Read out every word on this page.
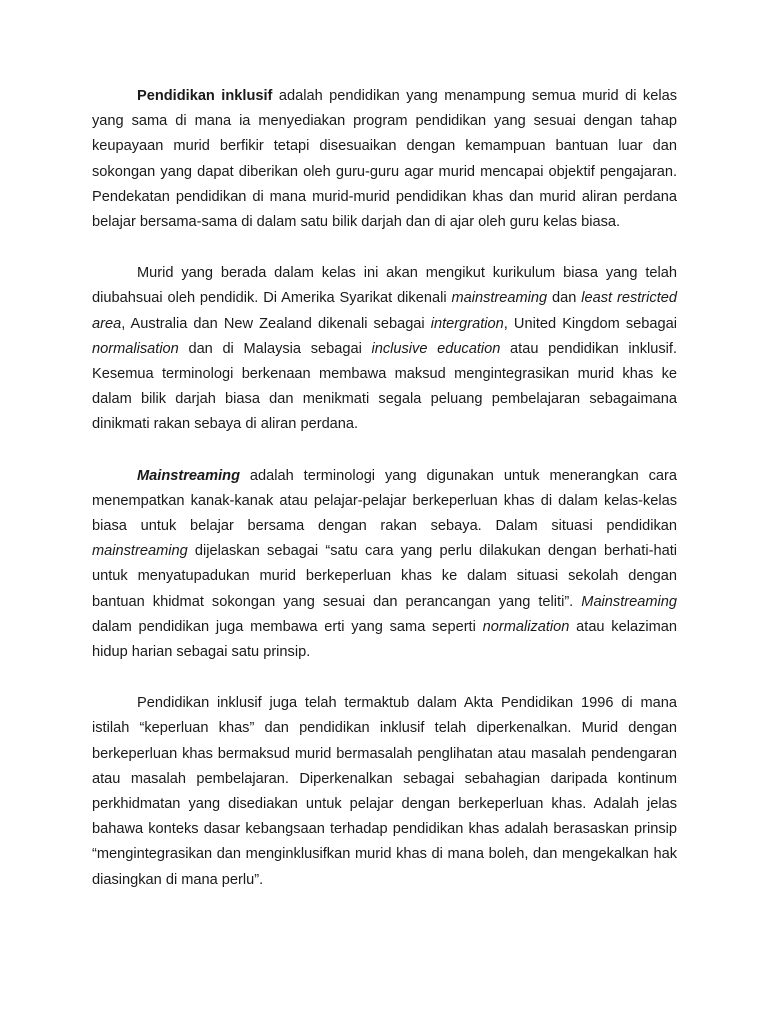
Pendidikan inklusif adalah pendidikan yang menampung semua murid di kelas yang sama di mana ia menyediakan program pendidikan yang sesuai dengan tahap keupayaan murid berfikir tetapi disesuaikan dengan kemampuan bantuan luar dan sokongan yang dapat diberikan oleh guru-guru agar murid mencapai objektif pengajaran. Pendekatan pendidikan di mana murid-murid pendidikan khas dan murid aliran perdana belajar bersama-sama di dalam satu bilik darjah dan di ajar oleh guru kelas biasa.

Murid yang berada dalam kelas ini akan mengikut kurikulum biasa yang telah diubahsuai oleh pendidik. Di Amerika Syarikat dikenali mainstreaming dan least restricted area, Australia dan New Zealand dikenali sebagai intergration, United Kingdom sebagai normalisation dan di Malaysia sebagai inclusive education atau pendidikan inklusif. Kesemua terminologi berkenaan membawa maksud mengintegrasikan murid khas ke dalam bilik darjah biasa dan menikmati segala peluang pembelajaran sebagaimana dinikmati rakan sebaya di aliran perdana.

Mainstreaming adalah terminologi yang digunakan untuk menerangkan cara menempatkan kanak-kanak atau pelajar-pelajar berkeperluan khas di dalam kelas-kelas biasa untuk belajar bersama dengan rakan sebaya. Dalam situasi pendidikan mainstreaming dijelaskan sebagai “satu cara yang perlu dilakukan dengan berhati-hati untuk menyatupadukan murid berkeperluan khas ke dalam situasi sekolah dengan bantuan khidmat sokongan yang sesuai dan perancangan yang teliti”. Mainstreaming dalam pendidikan juga membawa erti yang sama seperti normalization atau kelaziman hidup harian sebagai satu prinsip.

Pendidikan inklusif juga telah termaktub dalam Akta Pendidikan 1996 di mana istilah “keperluan khas” dan pendidikan inklusif telah diperkenalkan. Murid dengan berkeperluan khas bermaksud murid bermasalah penglihatan atau masalah pendengaran atau masalah pembelajaran. Diperkenalkan sebagai sebahagian daripada kontinum perkhidmatan yang disediakan untuk pelajar dengan berkeperluan khas. Adalah jelas bahawa konteks dasar kebangsaan terhadap pendidikan khas adalah berasaskan prinsip “mengintegrasikan dan menginklusifkan murid khas di mana boleh, dan mengekalkan hak diasingkan di mana perlu”.
